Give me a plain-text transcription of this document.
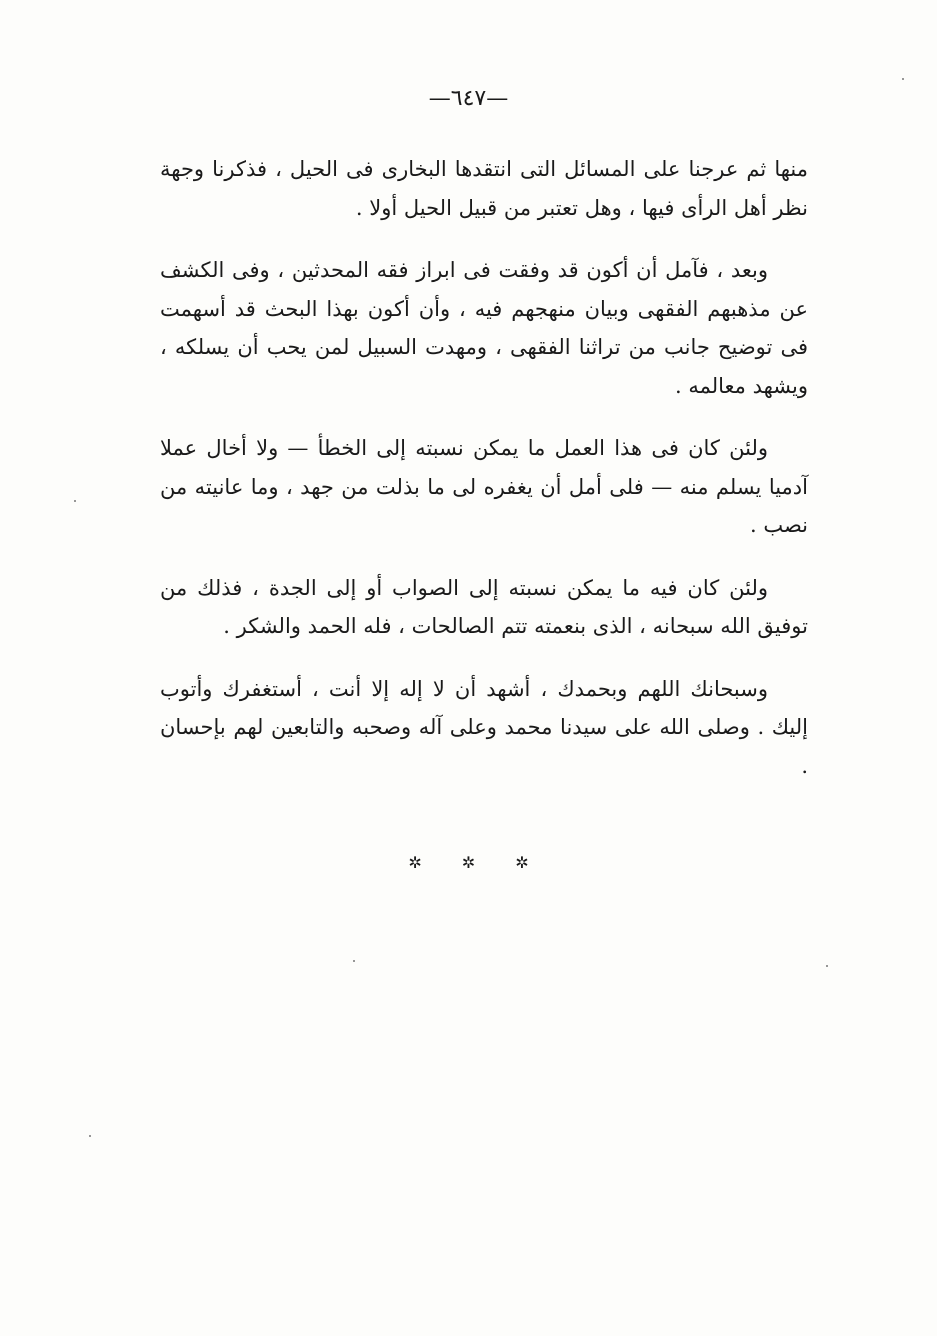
—٦٤٧—

منها ثم عرجنا على المسائل التى انتقدها البخارى فى الحيل ، فذكرنا وجهة نظر أهل الرأى فيها ، وهل تعتبر من قبيل الحيل أولا .

وبعد ، فآمل أن أكون قد وفقت فى ابراز فقه المحدثين ، وفى الكشف عن مذهبهم الفقهى وبيان منهجهم فيه ، وأن أكون بهذا البحث قد أسهمت فى توضيح جانب من تراثنا الفقهى ، ومهدت السبيل لمن يحب أن يسلكه ، ويشهد معالمه .

ولئن كان فى هذا العمل ما يمكن نسبته إلى الخطأ — ولا أخال عملا آدميا يسلم منه — فلى أمل أن يغفره لى ما بذلت من جهد ، وما عانيته من نصب .

ولئن كان فيه ما يمكن نسبته إلى الصواب أو إلى الجدة ، فذلك من توفيق الله سبحانه ، الذى بنعمته تتم الصالحات ، فله الحمد والشكر .

وسبحانك اللهم وبحمدك ، أشهد أن لا إله إلا أنت ، أستغفرك وأتوب إليك . وصلى الله على سيدنا محمد وعلى آله وصحبه والتابعين لهم بإحسان .

✲	✲	✲
